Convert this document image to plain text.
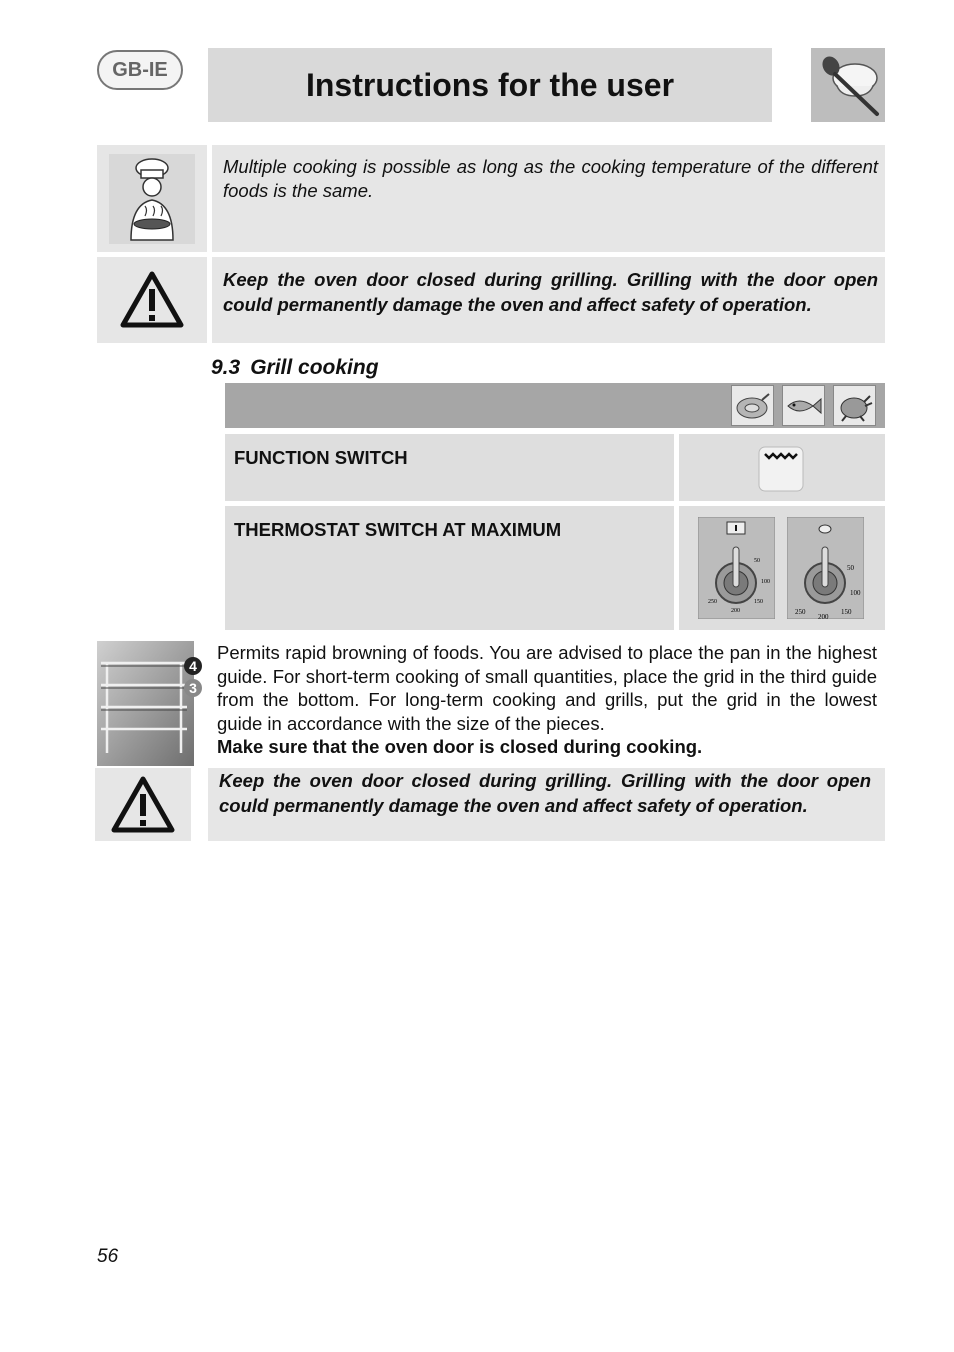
GB-IE	Instructions for the user
Multiple cooking is possible as long as the cooking temperature of the different foods is the same.
Keep the oven door closed during grilling. Grilling with the door open could permanently damage the oven and affect safety of operation.
9.3 Grill cooking
FUNCTION SWITCH
THERMOSTAT SWITCH AT MAXIMUM
50
100
150
200
250
50
100
150
200
250
4
3
Permits rapid browning of foods. You are advised to place the pan in the highest guide. For short-term cooking of small quantities, place the grid in the third guide from the bottom. For long-term cooking and grills, put the grid in the lowest guide in accordance with the size of the pieces.
Make sure that the oven door is closed during cooking.
Keep the oven door closed during grilling. Grilling with the door open could permanently damage the oven and affect safety of operation.
56
